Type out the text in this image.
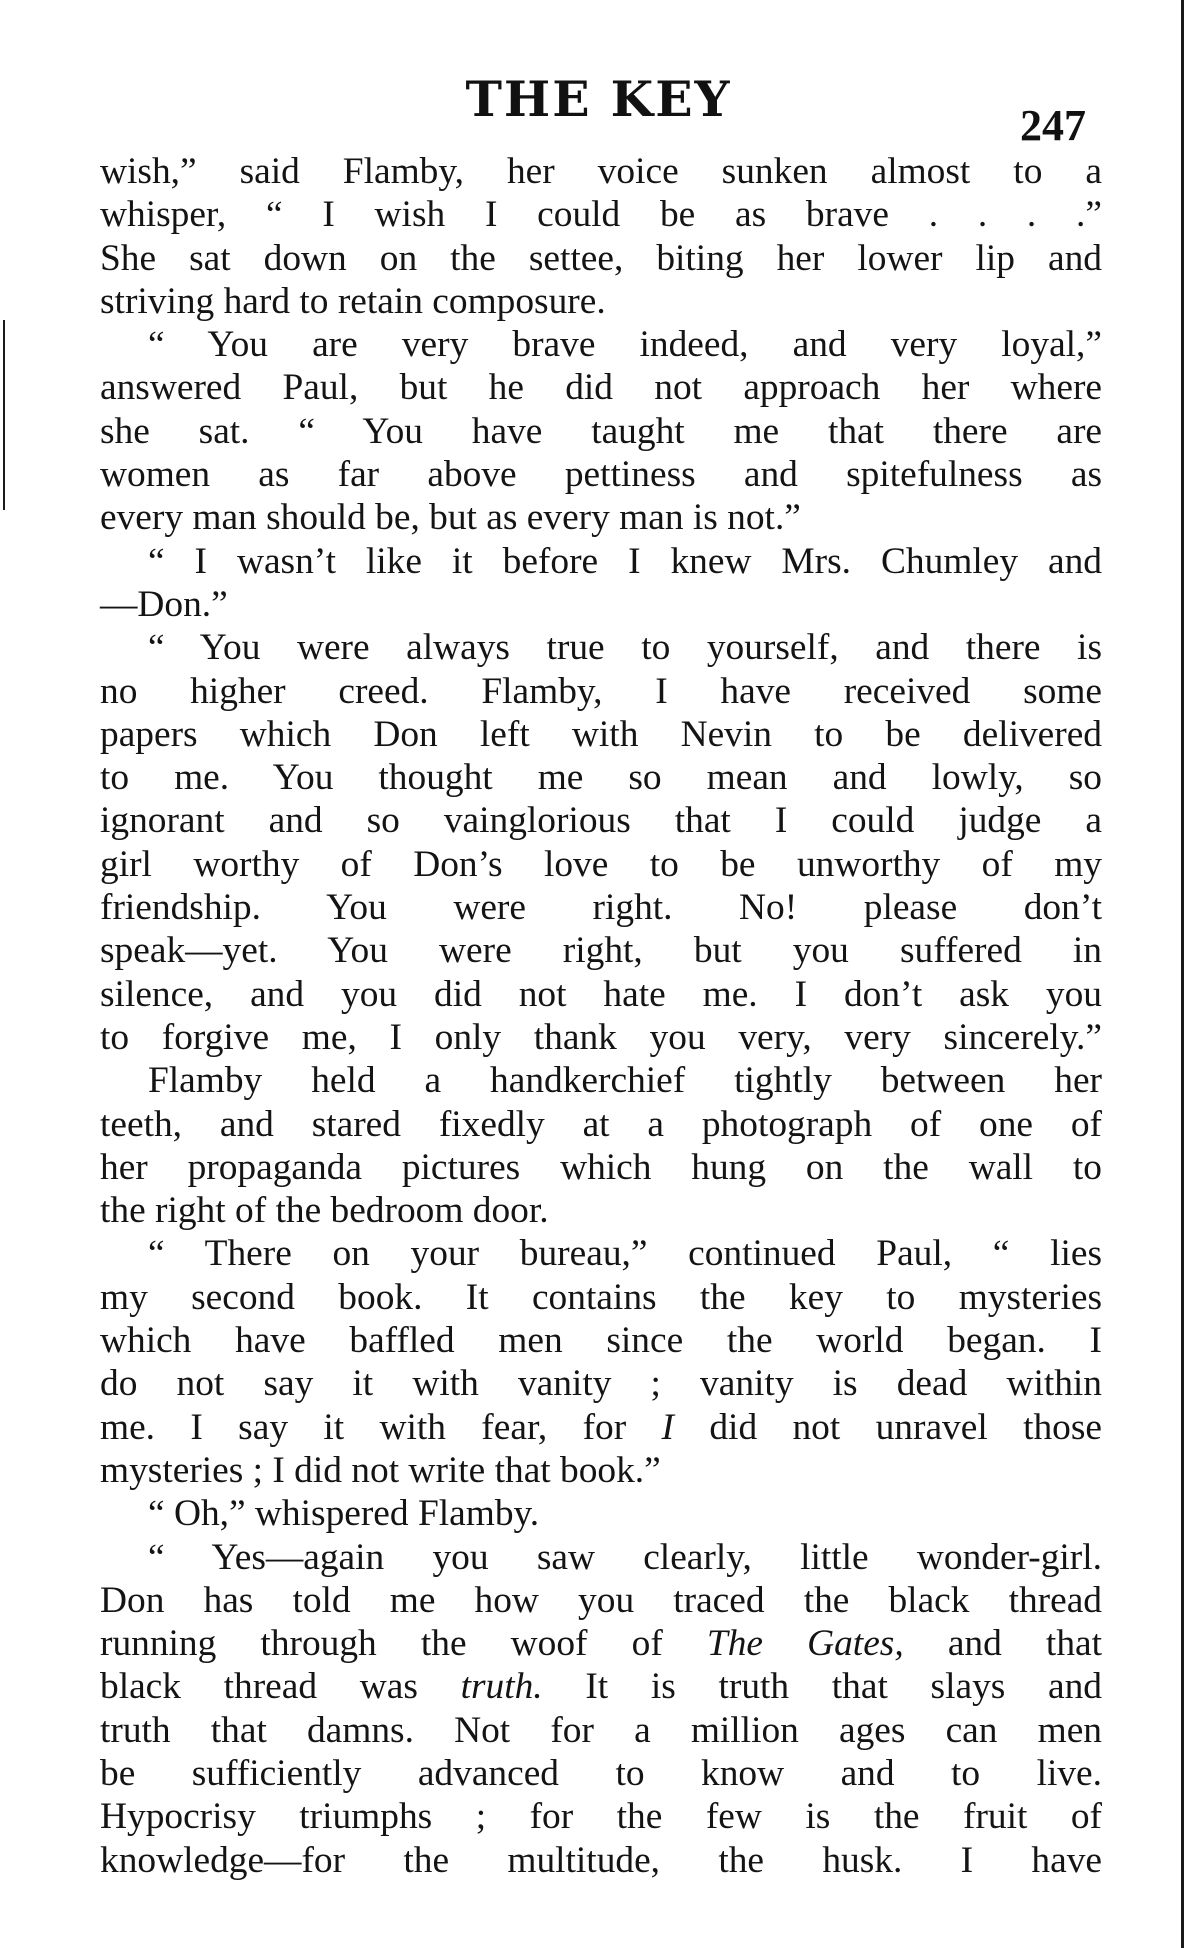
THE KEY	247
wish,” said Flamby, her voice sunken almost to a
whisper, “ I wish I could be as brave . . . .”
She sat down on the settee, biting her lower lip and
striving hard to retain composure.
“ You are very brave indeed, and very loyal,”
answered Paul, but he did not approach her where
she sat. “ You have taught me that there are
women as far above pettiness and spitefulness as
every man should be, but as every man is not.”
“ I wasn’t like it before I knew Mrs. Chumley and
—Don.”
“ You were always true to yourself, and there is
no higher creed. Flamby, I have received some
papers which Don left with Nevin to be delivered
to me. You thought me so mean and lowly, so
ignorant and so vainglorious that I could judge a
girl worthy of Don’s love to be unworthy of my
friendship. You were right. No! please don’t
speak—yet. You were right, but you suffered in
silence, and you did not hate me. I don’t ask you
to forgive me, I only thank you very, very sincerely.”
Flamby held a handkerchief tightly between her
teeth, and stared fixedly at a photograph of one of
her propaganda pictures which hung on the wall to
the right of the bedroom door.
“ There on your bureau,” continued Paul, “ lies
my second book. It contains the key to mysteries
which have baffled men since the world began. I
do not say it with vanity ; vanity is dead within
me. I say it with fear, for I did not unravel those
mysteries ; I did not write that book.”
“ Oh,” whispered Flamby.
“ Yes—again you saw clearly, little wonder-girl.
Don has told me how you traced the black thread
running through the woof of The Gates, and that
black thread was truth. It is truth that slays and
truth that damns. Not for a million ages can men
be sufficiently advanced to know and to live.
Hypocrisy triumphs ; for the few is the fruit of
knowledge—for the multitude, the husk. I have
